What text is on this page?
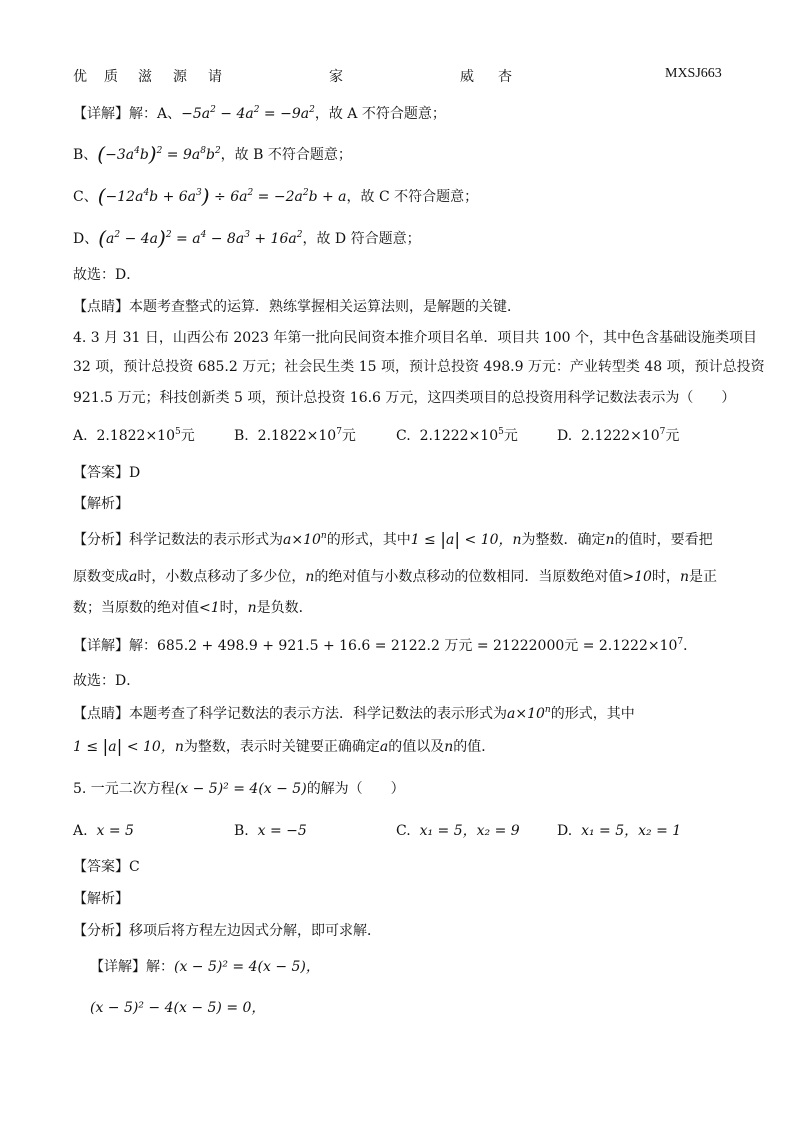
优 质 滋 源 请	家	威 杏	MXSJ663
【详解】解：A、$-5a^2 - 4a^2 = -9a^2$，故 A 不符合题意；
B、$(-3a^4b)^2 = 9a^8b^2$，故 B 不符合题意；
C、$(-12a^4b + 6a^3) \div 6a^2 = -2a^2b + a$，故 C 不符合题意；
D、$(a^2 - 4a)^2 = a^4 - 8a^3 + 16a^2$，故 D 符合题意；
故选：D．
【点睛】本题考查整式的运算．熟练掌握相关运算法则，是解题的关键．
4. 3 月 31 日，山西公布 2023 年第一批向民间资本推介项目名单．项目共 100 个，其中色含基础设施类项目
32 项，预计总投资 685.2 万元；社会民生类 15 项，预计总投资 498.9 万元：产业转型类 48 项，预计总投资
921.5 万元；科技创新类 5 项，预计总投资 16.6 万元，这四类项目的总投资用科学记数法表示为（　　）
A. $2.1822\times 10^5$元	B. $2.1822\times 10^7$元	C. $2.1222\times 10^5$元	D. $2.1222\times 10^7$元
【答案】D
【解析】
【分析】科学记数法的表示形式为$a\times 10^n$的形式，其中1 ≤ |a| < 10，n为整数．确定n的值时，要看把
原数变成a时，小数点移动了多少位，n的绝对值与小数点移动的位数相同．当原数绝对值>10时，n是正
数；当原数的绝对值<1时，n是负数．
【详解】解：685.2 + 498.9 + 921.5 + 16.6 = 2122.2 万元 = 21222000元 = $2.1222\times 10^7$．
故选：D．
【点睛】本题考查了科学记数法的表示方法．科学记数法的表示形式为$a\times 10^n$的形式，其中
1 ≤ |a| < 10，n为整数，表示时关键要正确确定a的值以及n的值．
5. 一元二次方程(x − 5)² = 4(x − 5)的解为（　　）
A. x = 5	B. x = −5	C. x₁ = 5，x₂ = 9	D. x₁ = 5，x₂ = 1
【答案】C
【解析】
【分析】移项后将方程左边因式分解，即可求解．
【详解】解：(x − 5)² = 4(x − 5)，
(x − 5)² − 4(x − 5) = 0，
